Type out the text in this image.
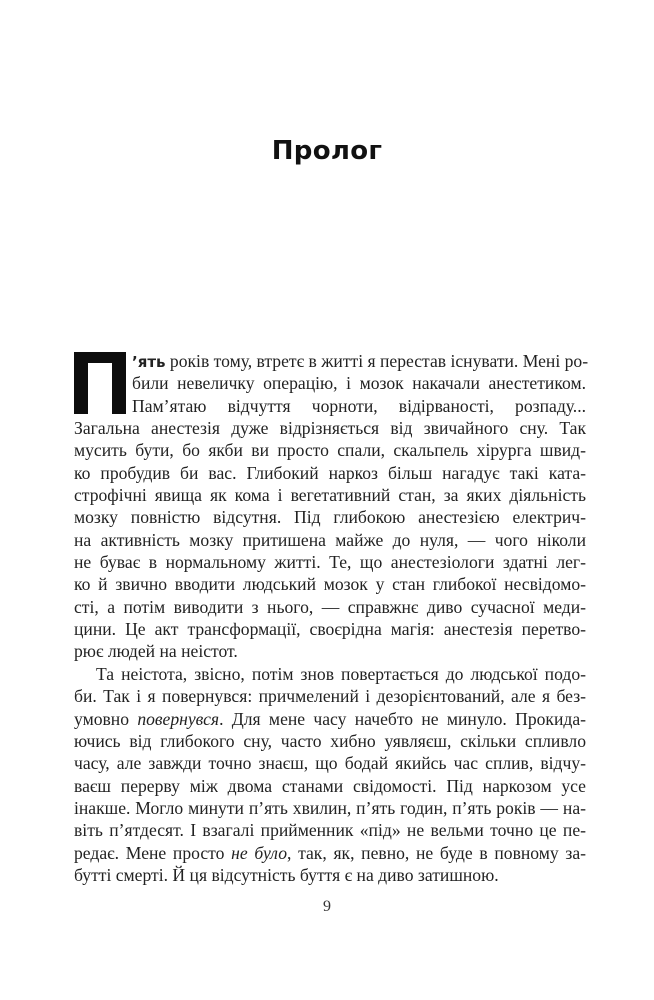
Пролог
’ять років тому, втретє в житті я перестав існувати. Мені ро-
били невеличку операцію, і мозок накачали анестетиком.
Пам’ятаю відчуття чорноти, відірваності, розпаду...
Загальна анестезія дуже відрізняється від звичайного сну. Так
мусить бути, бо якби ви просто спали, скальпель хірурга швид-
ко пробудив би вас. Глибокий наркоз більш нагадує такі ката-
строфічні явища як кома і вегетативний стан, за яких діяльність
мозку повністю відсутня. Під глибокою анестезією електрич-
на активність мозку притишена майже до нуля, — чого ніколи
не буває в нормальному житті. Те, що анестезіологи здатні лег-
ко й звично вводити людський мозок у стан глибокої несвідомо-
сті, а потім виводити з нього, — справжнє диво сучасної меди-
цини. Це акт трансформації, своєрідна магія: анестезія перетво-
рює людей на неістот.
Та неістота, звісно, потім знов повертається до людської подо-
би. Так і я повернувся: причмелений і дезорієнтований, але я без-
умовно повернувся. Для мене часу начебто не минуло. Прокида-
ючись від глибокого сну, часто хибно уявляєш, скільки спливло
часу, але завжди точно знаєш, що бодай якийсь час сплив, відчу-
ваєш перерву між двома станами свідомості. Під наркозом усе
інакше. Могло минути п’ять хвилин, п’ять годин, п’ять років — на-
віть п’ятдесят. І взагалі прийменник «під» не вельми точно це пе-
редає. Мене просто не було, так, як, певно, не буде в повному за-
бутті смерті. Й ця відсутність буття є на диво затишною.
9
